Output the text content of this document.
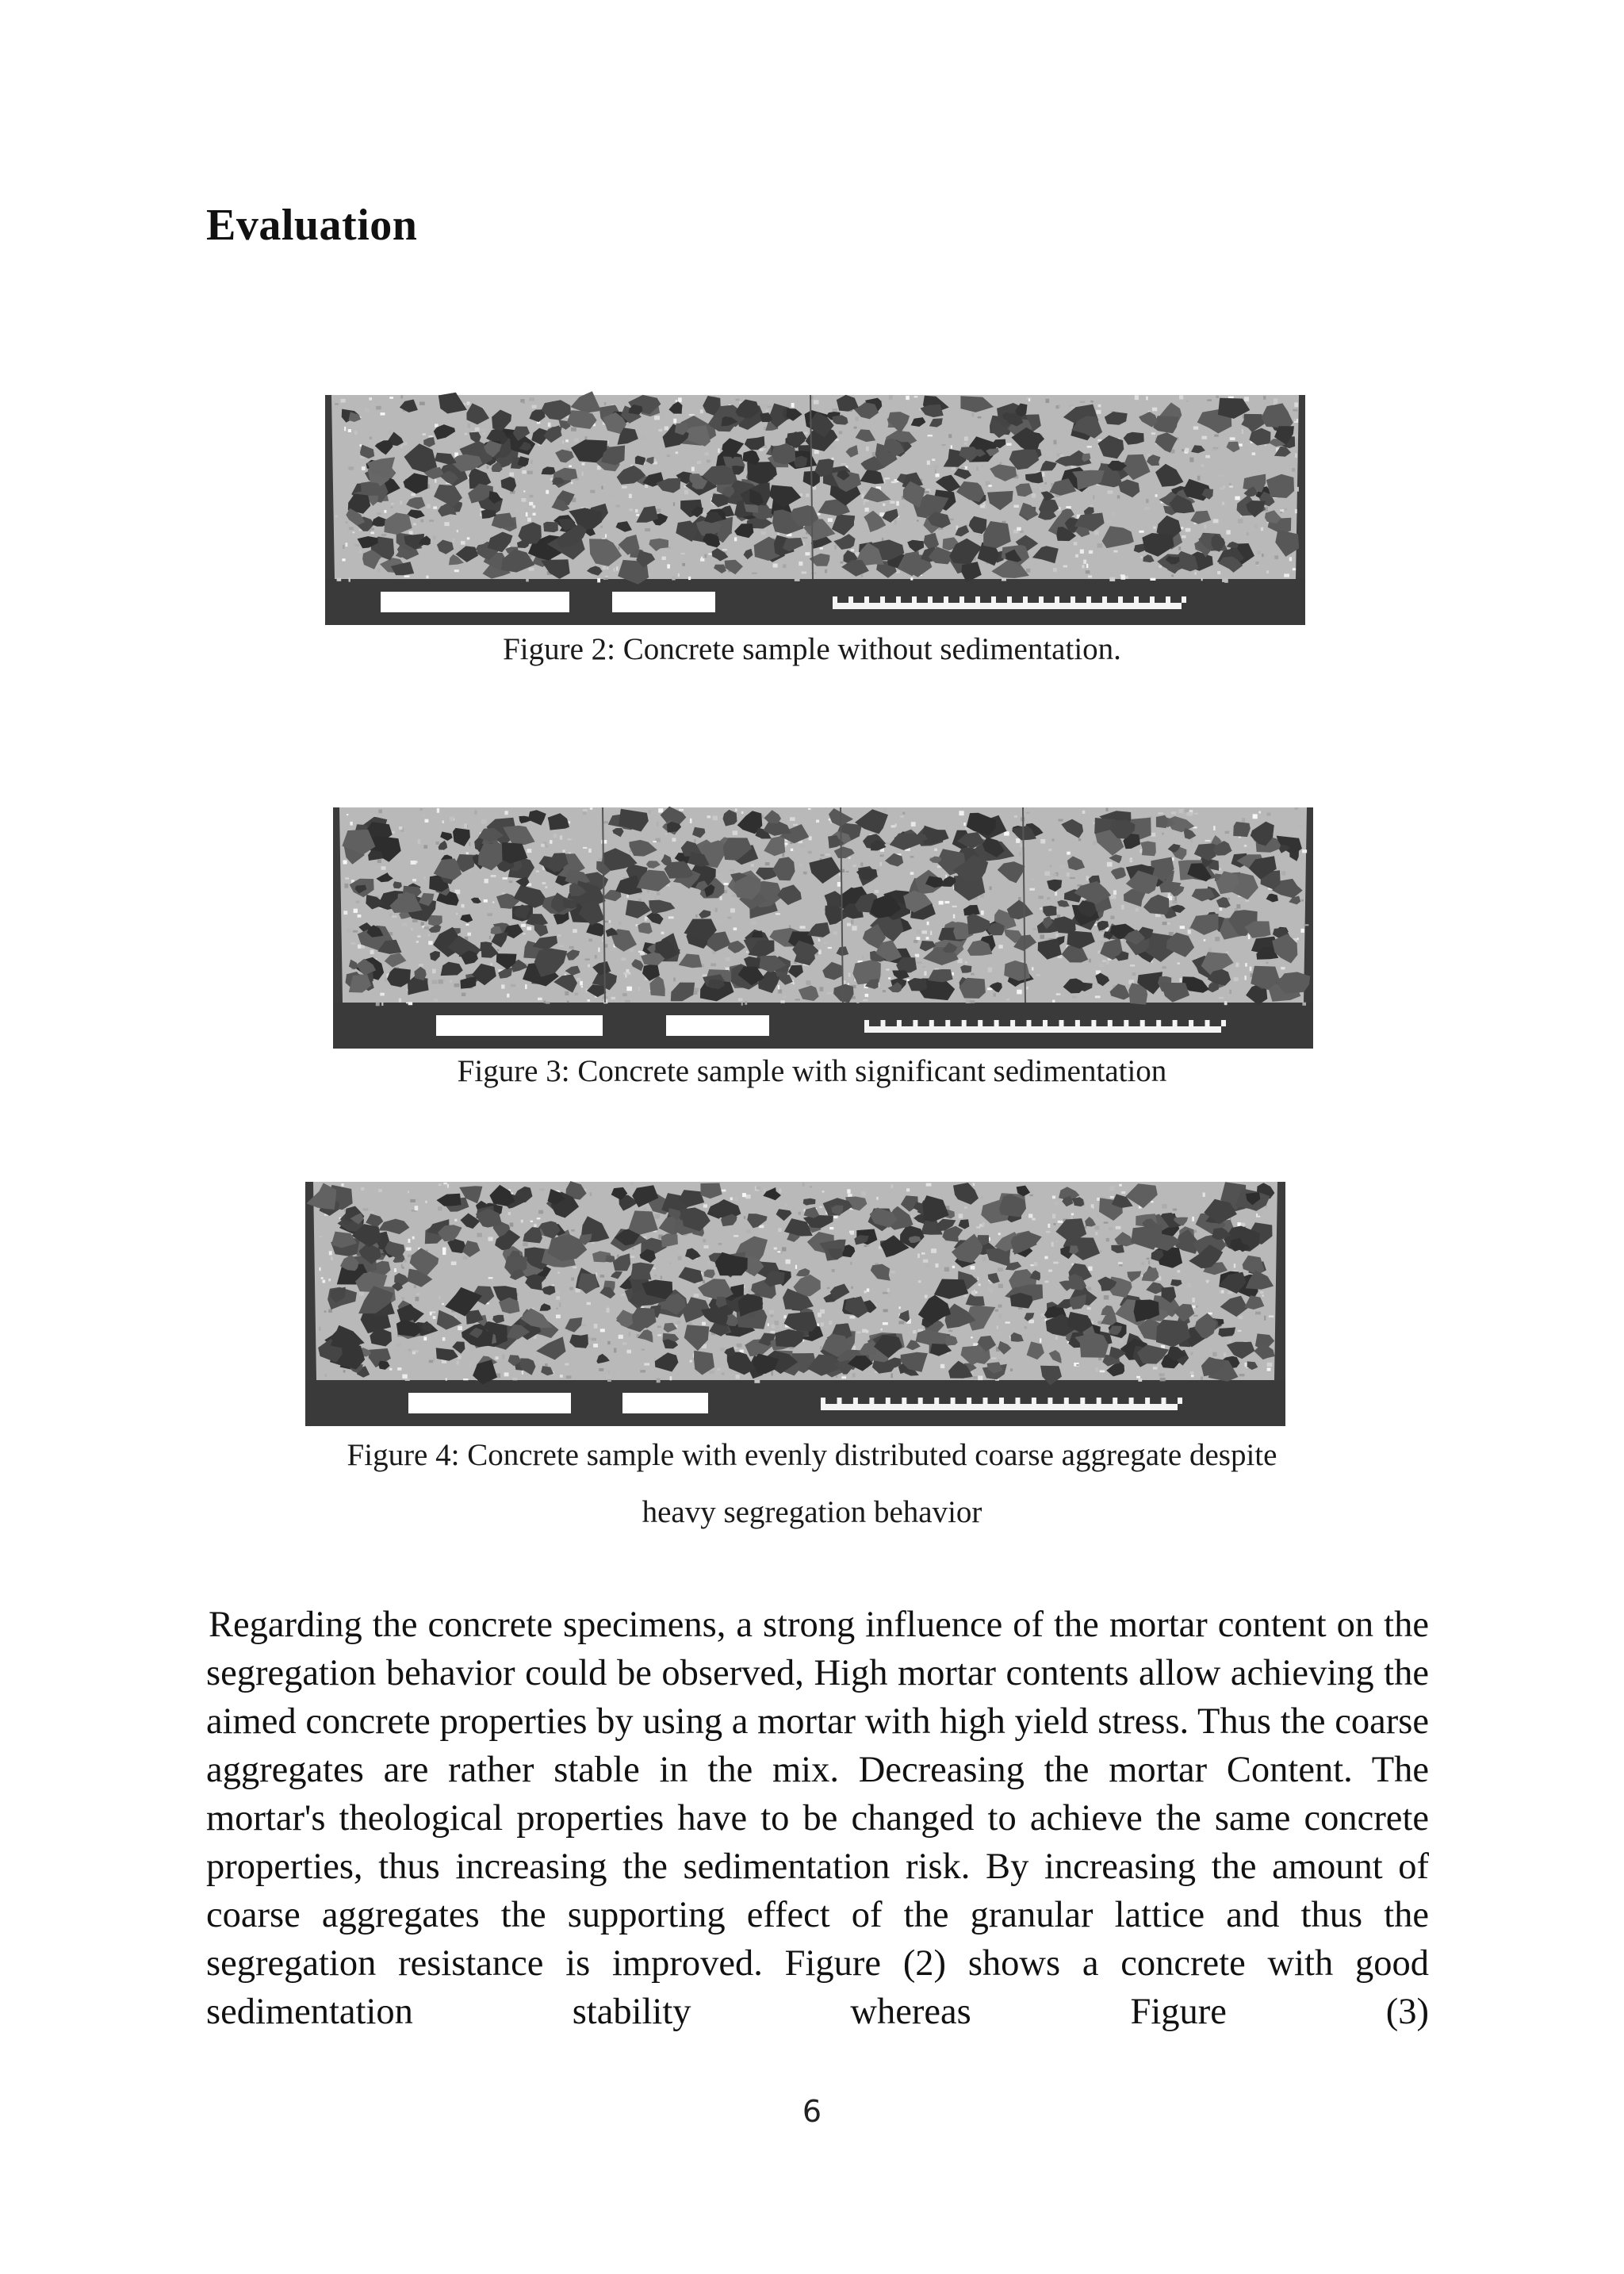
Evaluation
Figure 2: Concrete sample without sedimentation.
Figure 3: Concrete sample with significant sedimentation
Figure 4: Concrete sample with evenly distributed coarse aggregate despite
heavy segregation behavior

Regarding the concrete specimens, a strong influence of the mortar content on the segregation behavior could be observed, High mortar contents allow achieving the aimed concrete properties by using a mortar with high yield stress. Thus the coarse aggregates are rather stable in the mix. Decreasing the mortar Content. The mortar's theological properties have to be changed to achieve the same concrete properties, thus increasing the sedimentation risk. By increasing the amount of coarse aggregates the supporting effect of the granular lattice and thus the segregation resistance is improved. Figure (2) shows a concrete with good sedimentation stability whereas Figure (3)

6
